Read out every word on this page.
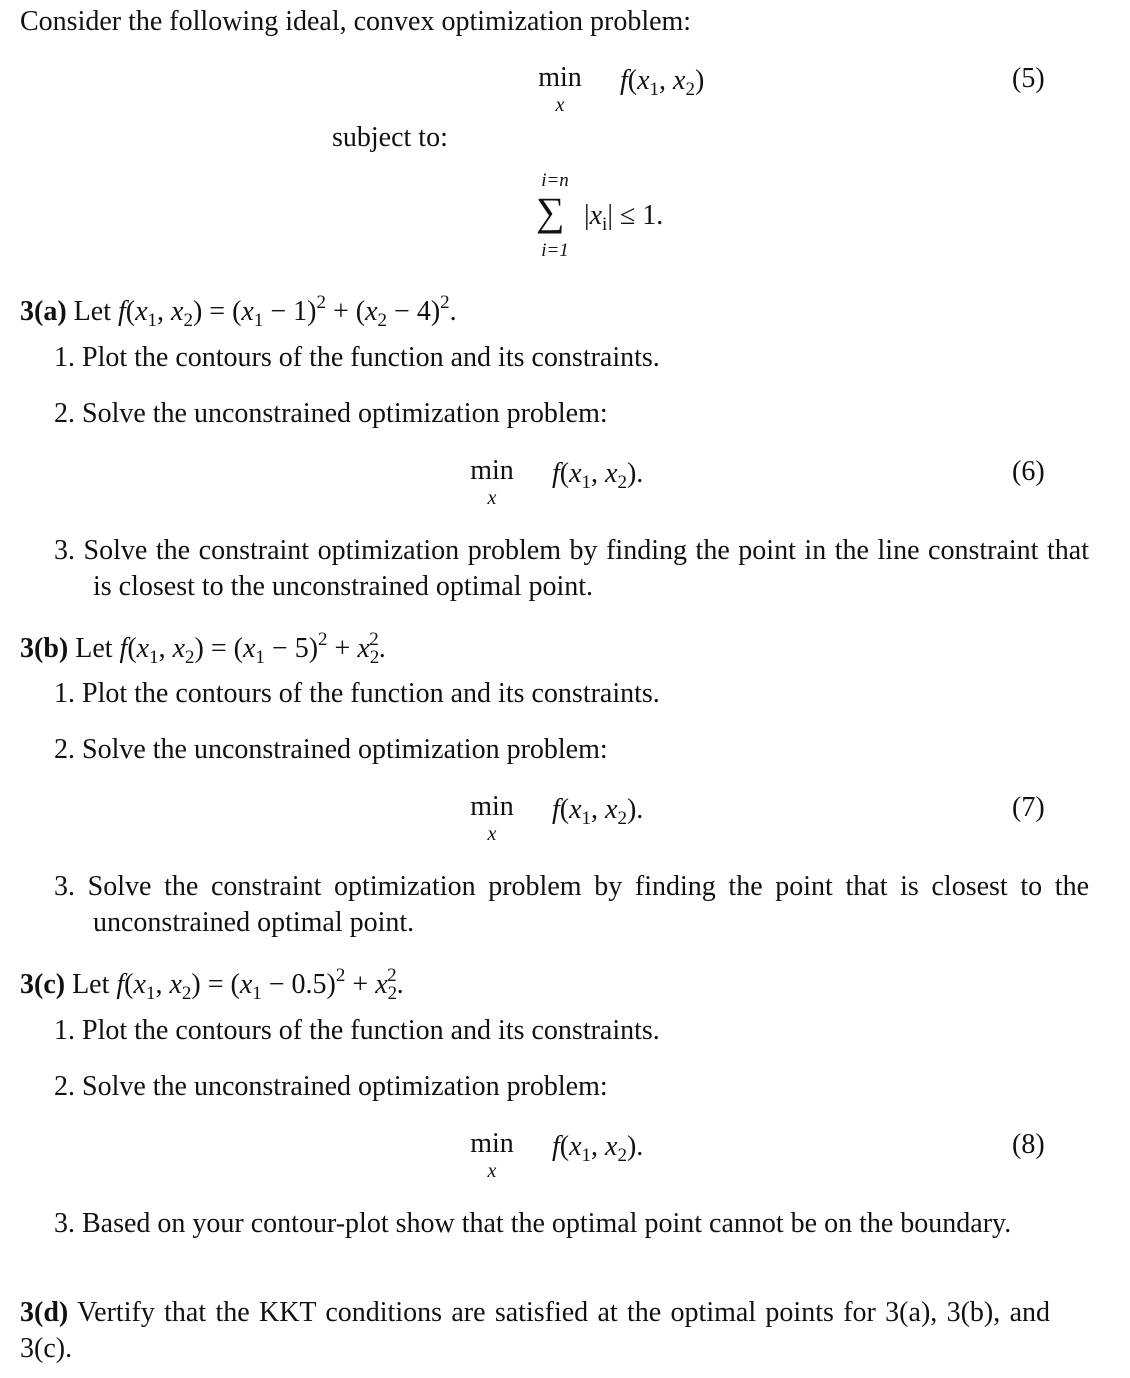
Consider the following ideal, convex optimization problem:
min
x
$f(x_1$, $x_2$)	(5)
subject to:
i=n
∑
i=1
$|x_i| \le 1$.
3(a) Let $f(x_1$, $x_2) = (x_1 - 1)^2 + (x_2 - 4)^2$.
1. Plot the contours of the function and its constraints.
2. Solve the unconstrained optimization problem:
min
x
$f(x_1$, $x_2$).	(6)
3. Solve the constraint optimization problem by finding the point in the line constraint that is closest to the unconstrained optimal point.
3(b) Let $f(x_1$, $x_2) = (x_1 - 5)^2 + x_2^2$.
1. Plot the contours of the function and its constraints.
2. Solve the unconstrained optimization problem:
min
x
$f(x_1$, $x_2$).	(7)
3. Solve the constraint optimization problem by finding the point that is closest to the unconstrained optimal point.
3(c) Let $f(x_1$, $x_2) = (x_1 - 0.5)^2 + x_2^2$.
1. Plot the contours of the function and its constraints.
2. Solve the unconstrained optimization problem:
min
x
$f(x_1$, $x_2$).	(8)
3. Based on your contour-plot show that the optimal point cannot be on the boundary.
3(d) Vertify that the KKT conditions are satisfied at the optimal points for 3(a), 3(b), and 3(c).
